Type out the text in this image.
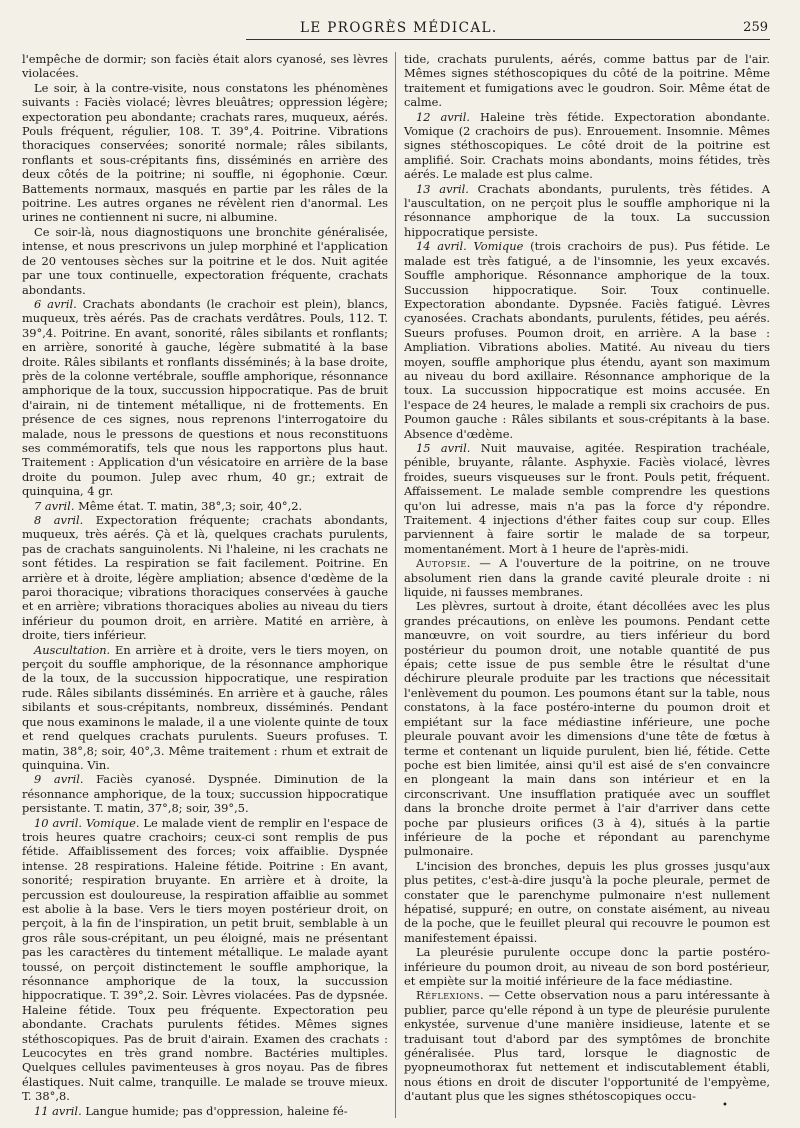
LE PROGRÈS MÉDICAL.	259

l'empêche de dormir; son faciès était alors cyanosé, ses lèvres violacées.

Le soir, à la contre-visite, nous constatons les phénomènes suivants : Faciès violacé; lèvres bleuâtres; oppression légère; expectoration peu abondante; crachats rares, muqueux, aérés. Pouls fréquent, régulier, 108. T. 39°,4. Poitrine. Vibrations thoraciques conservées; sonorité normale; râles sibilants, ronflants et sous-crépitants fins, disséminés en arrière des deux côtés de la poitrine; ni souffle, ni égophonie. Cœur. Battements normaux, masqués en partie par les râles de la poitrine. Les autres organes ne révèlent rien d'anormal. Les urines ne contiennent ni sucre, ni albumine.

Ce soir-là, nous diagnostiquons une bronchite généralisée, intense, et nous prescrivons un julep morphiné et l'application de 20 ventouses sèches sur la poitrine et le dos. Nuit agitée par une toux continuelle, expectoration fréquente, crachats abondants.

6 avril. Crachats abondants (le crachoir est plein), blancs, muqueux, très aérés. Pas de crachats verdâtres. Pouls, 112. T. 39°,4. Poitrine. En avant, sonorité, râles sibilants et ronflants; en arrière, sonorité à gauche, légère submatité à la base droite. Râles sibilants et ronflants disséminés; à la base droite, près de la colonne vertébrale, souffle amphorique, résonnance amphorique de la toux, succussion hippocratique. Pas de bruit d'airain, ni de tintement métallique, ni de frottements. En présence de ces signes, nous reprenons l'interrogatoire du malade, nous le pressons de questions et nous reconstituons ses commémoratifs, tels que nous les rapportons plus haut. Traitement : Application d'un vésicatoire en arrière de la base droite du poumon. Julep avec rhum, 40 gr.; extrait de quinquina, 4 gr.

7 avril. Même état. T. matin, 38°,3; soir, 40°,2.

8 avril. Expectoration fréquente; crachats abondants, muqueux, très aérés. Çà et là, quelques crachats purulents, pas de crachats sanguinolents. Ni l'haleine, ni les crachats ne sont fétides. La respiration se fait facilement. Poitrine. En arrière et à droite, légère ampliation; absence d'œdème de la paroi thoracique; vibrations thoraciques conservées à gauche et en arrière; vibrations thoraciques abolies au niveau du tiers inférieur du poumon droit, en arrière. Matité en arrière, à droite, tiers inférieur.

Auscultation. En arrière et à droite, vers le tiers moyen, on perçoit du souffle amphorique, de la résonnance amphorique de la toux, de la succussion hippocratique, une respiration rude. Râles sibilants disséminés. En arrière et à gauche, râles sibilants et sous-crépitants, nombreux, disséminés. Pendant que nous examinons le malade, il a une violente quinte de toux et rend quelques crachats purulents. Sueurs profuses. T. matin, 38°,8; soir, 40°,3. Même traitement : rhum et extrait de quinquina. Vin.

9 avril. Faciès cyanosé. Dyspnée. Diminution de la résonnance amphorique, de la toux; succussion hippocratique persistante. T. matin, 37°,8; soir, 39°,5.

10 avril. Vomique. Le malade vient de remplir en l'espace de trois heures quatre crachoirs; ceux-ci sont remplis de pus fétide. Affaiblissement des forces; voix affaiblie. Dyspnée intense. 28 respirations. Haleine fétide. Poitrine : En avant, sonorité; respiration bruyante. En arrière et à droite, la percussion est douloureuse, la respiration affaiblie au sommet est abolie à la base. Vers le tiers moyen postérieur droit, on perçoit, à la fin de l'inspiration, un petit bruit, semblable à un gros râle sous-crépitant, un peu éloigné, mais ne présentant pas les caractères du tintement métallique. Le malade ayant toussé, on perçoit distinctement le souffle amphorique, la résonnance amphorique de la toux, la succussion hippocratique. T. 39°,2. Soir. Lèvres violacées. Pas de dypsnée. Haleine fétide. Toux peu fréquente. Expectoration peu abondante. Crachats purulents fétides. Mêmes signes stéthoscopiques. Pas de bruit d'airain. Examen des crachats : Leucocytes en très grand nombre. Bactéries multiples. Quelques cellules pavimenteuses à gros noyau. Pas de fibres élastiques. Nuit calme, tranquille. Le malade se trouve mieux. T. 38°,8.

11 avril. Langue humide; pas d'oppression, haleine fé-

tide, crachats purulents, aérés, comme battus par de l'air. Mêmes signes stéthoscopiques du côté de la poitrine. Même traitement et fumigations avec le goudron. Soir. Même état de calme.

12 avril. Haleine très fétide. Expectoration abondante. Vomique (2 crachoirs de pus). Enrouement. Insomnie. Mêmes signes stéthoscopiques. Le côté droit de la poitrine est amplifié. Soir. Crachats moins abondants, moins fétides, très aérés. Le malade est plus calme.

13 avril. Crachats abondants, purulents, très fétides. A l'auscultation, on ne perçoit plus le souffle amphorique ni la résonnance amphorique de la toux. La succussion hippocratique persiste.

14 avril. Vomique (trois crachoirs de pus). Pus fétide. Le malade est très fatigué, a de l'insomnie, les yeux excavés. Souffle amphorique. Résonnance amphorique de la toux. Succussion hippocratique. Soir. Toux continuelle. Expectoration abondante. Dypsnée. Faciès fatigué. Lèvres cyanosées. Crachats abondants, purulents, fétides, peu aérés. Sueurs profuses. Poumon droit, en arrière. A la base : Ampliation. Vibrations abolies. Matité. Au niveau du tiers moyen, souffle amphorique plus étendu, ayant son maximum au niveau du bord axillaire. Résonnance amphorique de la toux. La succussion hippocratique est moins accusée. En l'espace de 24 heures, le malade a rempli six crachoirs de pus. Poumon gauche : Râles sibilants et sous-crépitants à la base. Absence d'œdème.

15 avril. Nuit mauvaise, agitée. Respiration trachéale, pénible, bruyante, râlante. Asphyxie. Faciès violacé, lèvres froides, sueurs visqueuses sur le front. Pouls petit, fréquent. Affaissement. Le malade semble comprendre les questions qu'on lui adresse, mais n'a pas la force d'y répondre. Traitement. 4 injections d'éther faites coup sur coup. Elles parviennent à faire sortir le malade de sa torpeur, momentanément. Mort à 1 heure de l'après-midi.

Autopsie. — A l'ouverture de la poitrine, on ne trouve absolument rien dans la grande cavité pleurale droite : ni liquide, ni fausses membranes.

Les plèvres, surtout à droite, étant décollées avec les plus grandes précautions, on enlève les poumons. Pendant cette manœuvre, on voit sourdre, au tiers inférieur du bord postérieur du poumon droit, une notable quantité de pus épais; cette issue de pus semble être le résultat d'une déchirure pleurale produite par les tractions que nécessitait l'enlèvement du poumon. Les poumons étant sur la table, nous constatons, à la face postéro-interne du poumon droit et empiétant sur la face médiastine inférieure, une poche pleurale pouvant avoir les dimensions d'une tête de fœtus à terme et contenant un liquide purulent, bien lié, fétide. Cette poche est bien limitée, ainsi qu'il est aisé de s'en convaincre en plongeant la main dans son intérieur et en la circonscrivant. Une insufflation pratiquée avec un soufflet dans la bronche droite permet à l'air d'arriver dans cette poche par plusieurs orifices (3 à 4), situés à la partie inférieure de la poche et répondant au parenchyme pulmonaire.

L'incision des bronches, depuis les plus grosses jusqu'aux plus petites, c'est-à-dire jusqu'à la poche pleurale, permet de constater que le parenchyme pulmonaire n'est nullement hépatisé, suppuré; en outre, on constate aisément, au niveau de la poche, que le feuillet pleural qui recouvre le poumon est manifestement épaissi.

La pleurésie purulente occupe donc la partie postéro-inférieure du poumon droit, au niveau de son bord postérieur, et empiète sur la moitié inférieure de la face médiastine.

Réflexions. — Cette observation nous a paru intéressante à publier, parce qu'elle répond à un type de pleurésie purulente enkystée, survenue d'une manière insidieuse, latente et se traduisant tout d'abord par des symptômes de bronchite généralisée. Plus tard, lorsque le diagnostic de pyopneumothorax fut nettement et indiscutablement établi, nous étions en droit de discuter l'opportunité de l'empyème, d'autant plus que les signes sthétoscopiques occu-

•
